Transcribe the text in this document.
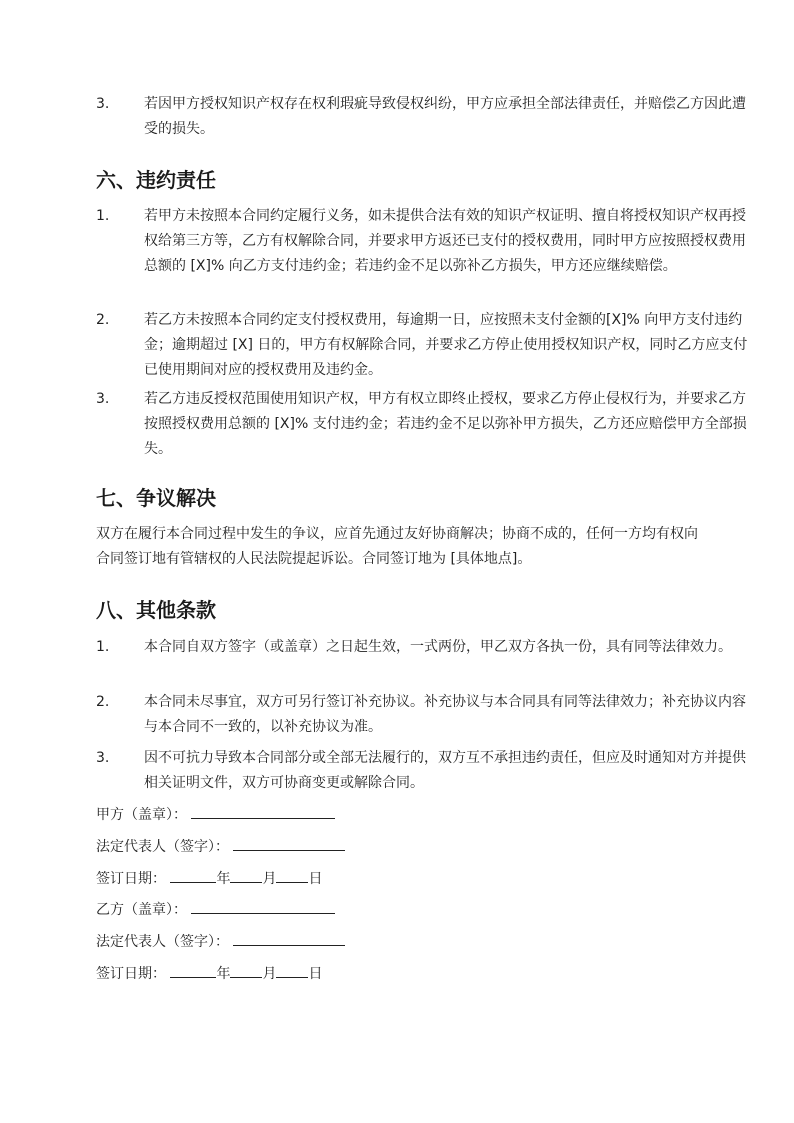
3.	若因甲方授权知识产权存在权利瑕疵导致侵权纠纷，甲方应承担全部法律责任，并赔偿乙方因此遭受的损失。
六、违约责任
1.	若甲方未按照本合同约定履行义务，如未提供合法有效的知识产权证明、擅自将授权知识产权再授权给第三方等，乙方有权解除合同，并要求甲方返还已支付的授权费用，同时甲方应按照授权费用总额的 [X]% 向乙方支付违约金；若违约金不足以弥补乙方损失，甲方还应继续赔偿。
2.	若乙方未按照本合同约定支付授权费用，每逾期一日，应按照未支付金额的[X]% 向甲方支付违约金；逾期超过 [X] 日的，甲方有权解除合同，并要求乙方停止使用授权知识产权，同时乙方应支付已使用期间对应的授权费用及违约金。
3.	若乙方违反授权范围使用知识产权，甲方有权立即终止授权，要求乙方停止侵权行为，并要求乙方按照授权费用总额的 [X]% 支付违约金；若违约金不足以弥补甲方损失，乙方还应赔偿甲方全部损失。
七、争议解决

双方在履行本合同过程中发生的争议，应首先通过友好协商解决；协商不成的，任何一方均有权向合同签订地有管辖权的人民法院提起诉讼。合同签订地为 [具体地点]。

八、其他条款
1.	本合同自双方签字（或盖章）之日起生效，一式两份，甲乙双方各执一份，具有同等法律效力。
2.	本合同未尽事宜，双方可另行签订补充协议。补充协议与本合同具有同等法律效力；补充协议内容与本合同不一致的，以补充协议为准。
3.	因不可抗力导致本合同部分或全部无法履行的，双方互不承担违约责任，但应及时通知对方并提供相关证明文件，双方可协商变更或解除合同。
甲方（盖章）：
法定代表人（签字）：
签订日期：	年 月 日
乙方（盖章）：
法定代表人（签字）：
签订日期：	年 月 日
